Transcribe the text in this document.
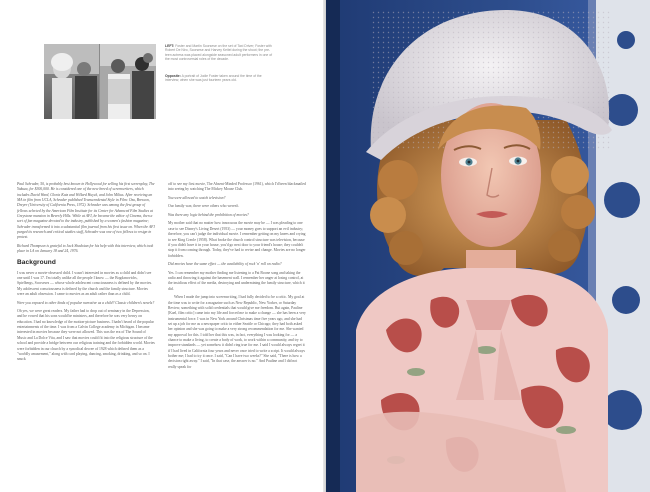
LEFT: Foster and Martin Scorsese on the set of Taxi Driver; Foster with Robert De Niro, Scorsese and Harvey Keitel during the shoot; the pre-teen actress was placed alongside seasoned adult performers in one of the most controversial roles of the decade.
Opposite: A portrait of Jodie Foster taken around the time of the interview, when she was just fourteen years old.

Paul Schrader, 50, is probably best known in Hollywood for selling his first screenplay, The Yakuza, for $300,000. He is considered one of the new breed of screenwriters, which includes David Ward, Gloria Katz and Willard Huyck, and John Milius. After receiving an MA in film from UCLA, Schrader published Transcendental Style in Film: Ozu, Bresson, Dreyer (University of California Press, 1972). Schrader was among the first group of fellows selected by the American Film Institute for its Center for Advanced Film Studies at Greystone mansion in Beverly Hills. While at AFI, he became the editor of Cinema, then a sort of fan magazine devoted to the industry, published by a women's fashion magazine; Schrader transformed it into a substantial film journal from his first issue on. When the AFI purged its research and critical studies staff, Schrader was one of two fellows to resign in protest.

Richard Thompson is grateful to Jack Shadoian for his help with this interview, which took place in LA on January 18 and 24, 1976.

Background

I was never a movie-obsessed child. I wasn't interested in movies as a child and didn't see one until I was 17. I'm totally unlike all the people I know — the Bogdanovichs, Spielbergs, Scorseses — whose whole adolescent consciousness is defined by the movies. My adolescent consciousness is defined by the church and the family structure. Movies were an adult obsession. I came to movies as an adult rather than as a child.

Were you exposed to other kinds of popular narrative as a child? Classic children's novels?

Oh yes, we were great readers. My father had to drop out of seminary in the Depression, and he vowed that his sons would be ministers, and therefore he was very heavy on education. I had no knowledge of the motion-picture business. I hadn't heard of the popular entertainments of the time. I was from a Calvin College academy in Michigan. I became interested in movies because they were not allowed. This was the era of The Sound of Music and La Dolce Vita, and I saw that movies could fit into the religious structure of the school and provide a bridge between our religious training and the forbidden world. Movies were forbidden in our church by a synodical decree of 1928 which defined them as a "worldly amusement," along with card playing, dancing, smoking, drinking, and so on. I snuck

off to see my first movie, The Absent-Minded Professor (1961), which I'd been blackmailed into seeing by watching The Mickey Mouse Club.

You were allowed to watch television?

Our family was; there were others who weren't.

Was there any logic behind the prohibition of movies?

My mother said that no matter how innocuous the movie may be — I was pleading to one case to see Disney's Living Desert (1953) — your money goes to support an evil industry; therefore, you can't judge the individual movie. I remember getting on my knees and crying to see King Creole (1958). What broke the church control structure was television, because if you didn't have it in your house, you'd go next door to your friend's house; they couldn't stop it from coming through. Today, they've had to revise and change. Movies are no longer forbidden.

Did movies have the same effect — the availability of rock 'n' roll on radio?

Yes. I can remember my mother finding me listening to a Pat Boone song and taking the radio and throwing it against the basement wall. I remember her anger at losing control, at the insidious effect of the media, destroying and undermining the family structure, which it did.

When I made the jump into screenwriting, I had fully decided to be a critic. My goal at the time was to write for a magazine such as New Republic, New Yorker, or Saturday Review, something with solid credentials that would give me freedom. But again, Pauline [Kael, film critic] came into my life and forced me to make a change — she has been a very instrumental force. I was in New York around Christmas time five years ago, and she had set up a job for me as a newspaper critic in either Seattle or Chicago; they had both asked her opinion and she was going to make a very strong recommendation for me. She wanted my approval for this. I told her that this was, in fact, everything I was looking for — a chance to make a living, to create a body of work, to work within a community, and try to improve standards — yet somehow it didn't ring true for me. I said I would always regret it if I had lived in California four years and never once tried to write a script. It would always bother me; I had to try it once. I said, "Can I have two weeks?" She said, "There is how a decision right away." I said, "In that case, the answer is no." And Pauline and I did not really speak for
